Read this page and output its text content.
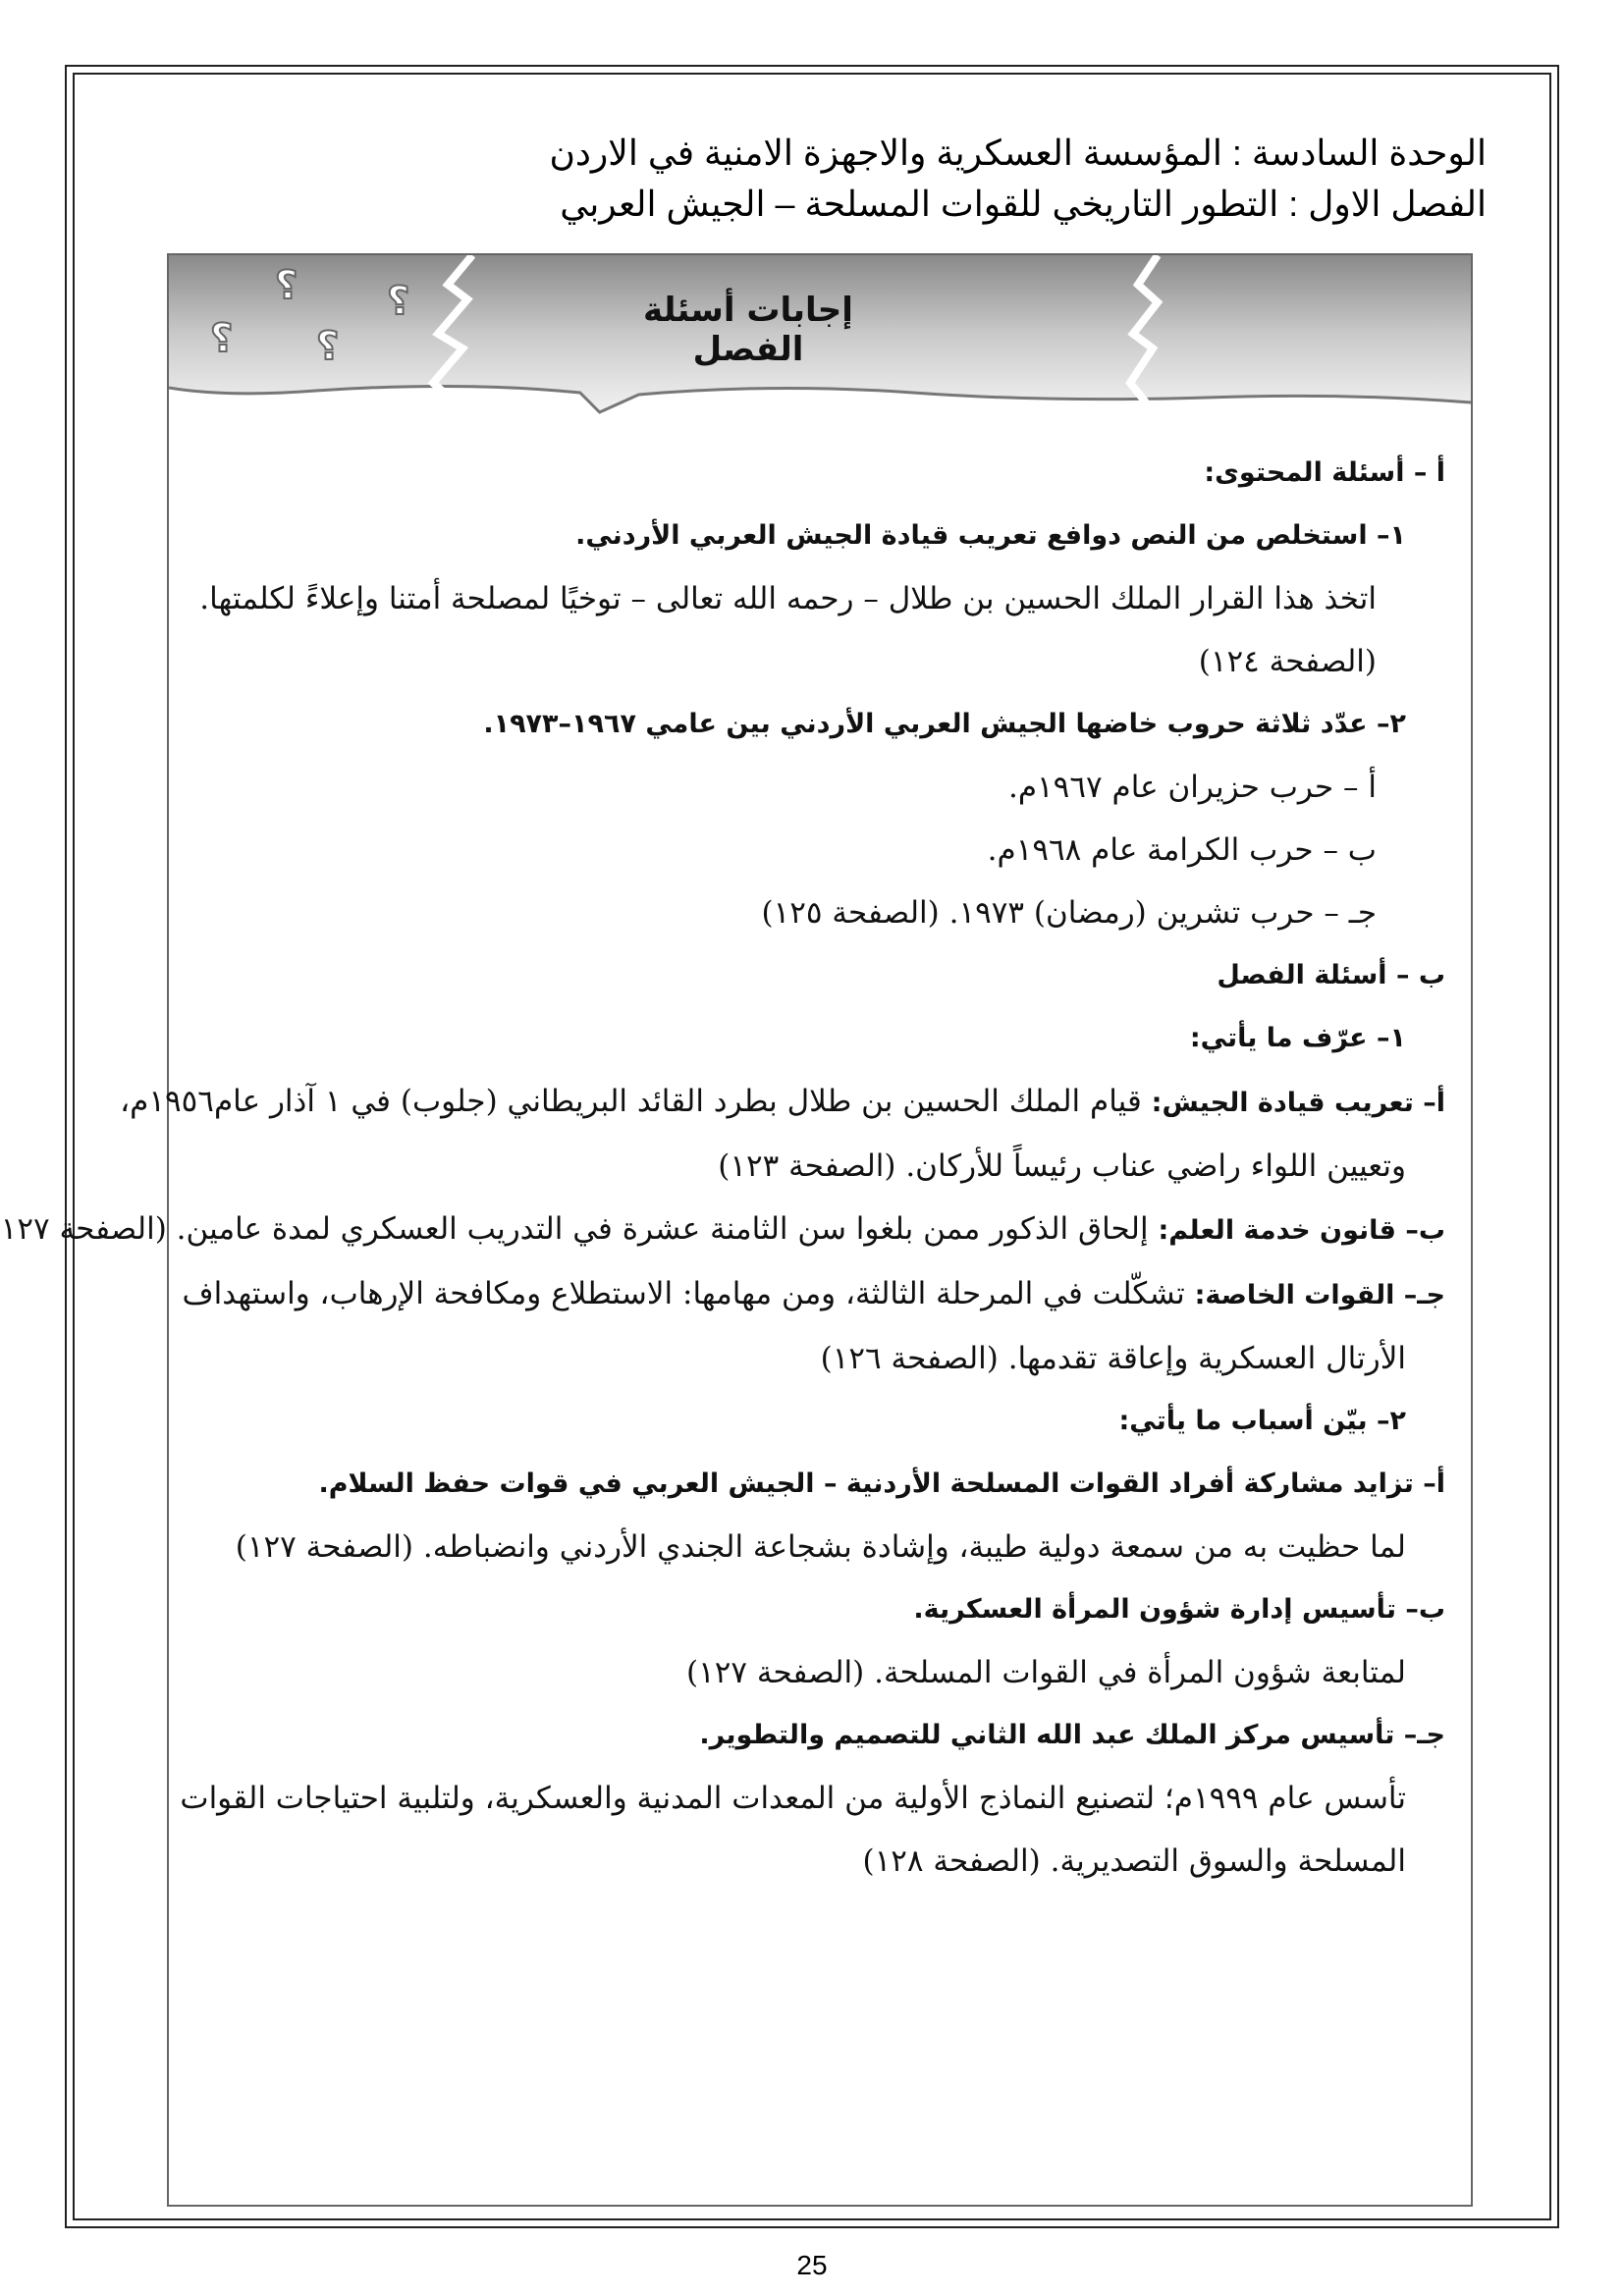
الوحدة السادسة : المؤسسة العسكرية والاجهزة الامنية في الاردن
الفصل الاول : التطور التاريخي للقوات المسلحة – الجيش العربي
؟
؟
؟
؟	إجابات أسئلة الفصل
أ – أسئلة المحتوى:
١– استخلص من النص دوافع تعريب قيادة الجيش العربي الأردني.
اتخذ هذا القرار الملك الحسين بن طلال – رحمه الله تعالى – توخيًا لمصلحة أمتنا وإعلاءً لكلمتها.
(الصفحة ١٢٤)
٢– عدّد ثلاثة حروب خاضها الجيش العربي الأردني بين عامي ١٩٦٧–١٩٧٣.
أ – حرب حزيران عام ١٩٦٧م.
ب – حرب الكرامة عام ١٩٦٨م.
جـ – حرب تشرين (رمضان) ١٩٧٣. (الصفحة ١٢٥)
ب – أسئلة الفصل
١– عرّف ما يأتي:
أ– تعريب قيادة الجيش: قيام الملك الحسين بن طلال بطرد القائد البريطاني (جلوب) في ١ آذار عام١٩٥٦م،
وتعيين اللواء راضي عناب رئيساً للأركان. (الصفحة ١٢٣)
ب– قانون خدمة العلم: إلحاق الذكور ممن بلغوا سن الثامنة عشرة في التدريب العسكري لمدة عامين. (الصفحة ١٢٧
جـ– القوات الخاصة: تشكّلت في المرحلة الثالثة، ومن مهامها: الاستطلاع ومكافحة الإرهاب، واستهداف
الأرتال العسكرية وإعاقة تقدمها. (الصفحة ١٢٦)
٢– بيّن أسباب ما يأتي:
أ– تزايد مشاركة أفراد القوات المسلحة الأردنية – الجيش العربي في قوات حفظ السلام.
لما حظيت به من سمعة دولية طيبة، وإشادة بشجاعة الجندي الأردني وانضباطه. (الصفحة ١٢٧)
ب– تأسيس إدارة شؤون المرأة العسكرية.
لمتابعة شؤون المرأة في القوات المسلحة. (الصفحة ١٢٧)
جـ– تأسيس مركز الملك عبد الله الثاني للتصميم والتطوير.
تأسس عام ١٩٩٩م؛ لتصنيع النماذج الأولية من المعدات المدنية والعسكرية، ولتلبية احتياجات القوات
المسلحة والسوق التصديرية. (الصفحة ١٢٨)
25
